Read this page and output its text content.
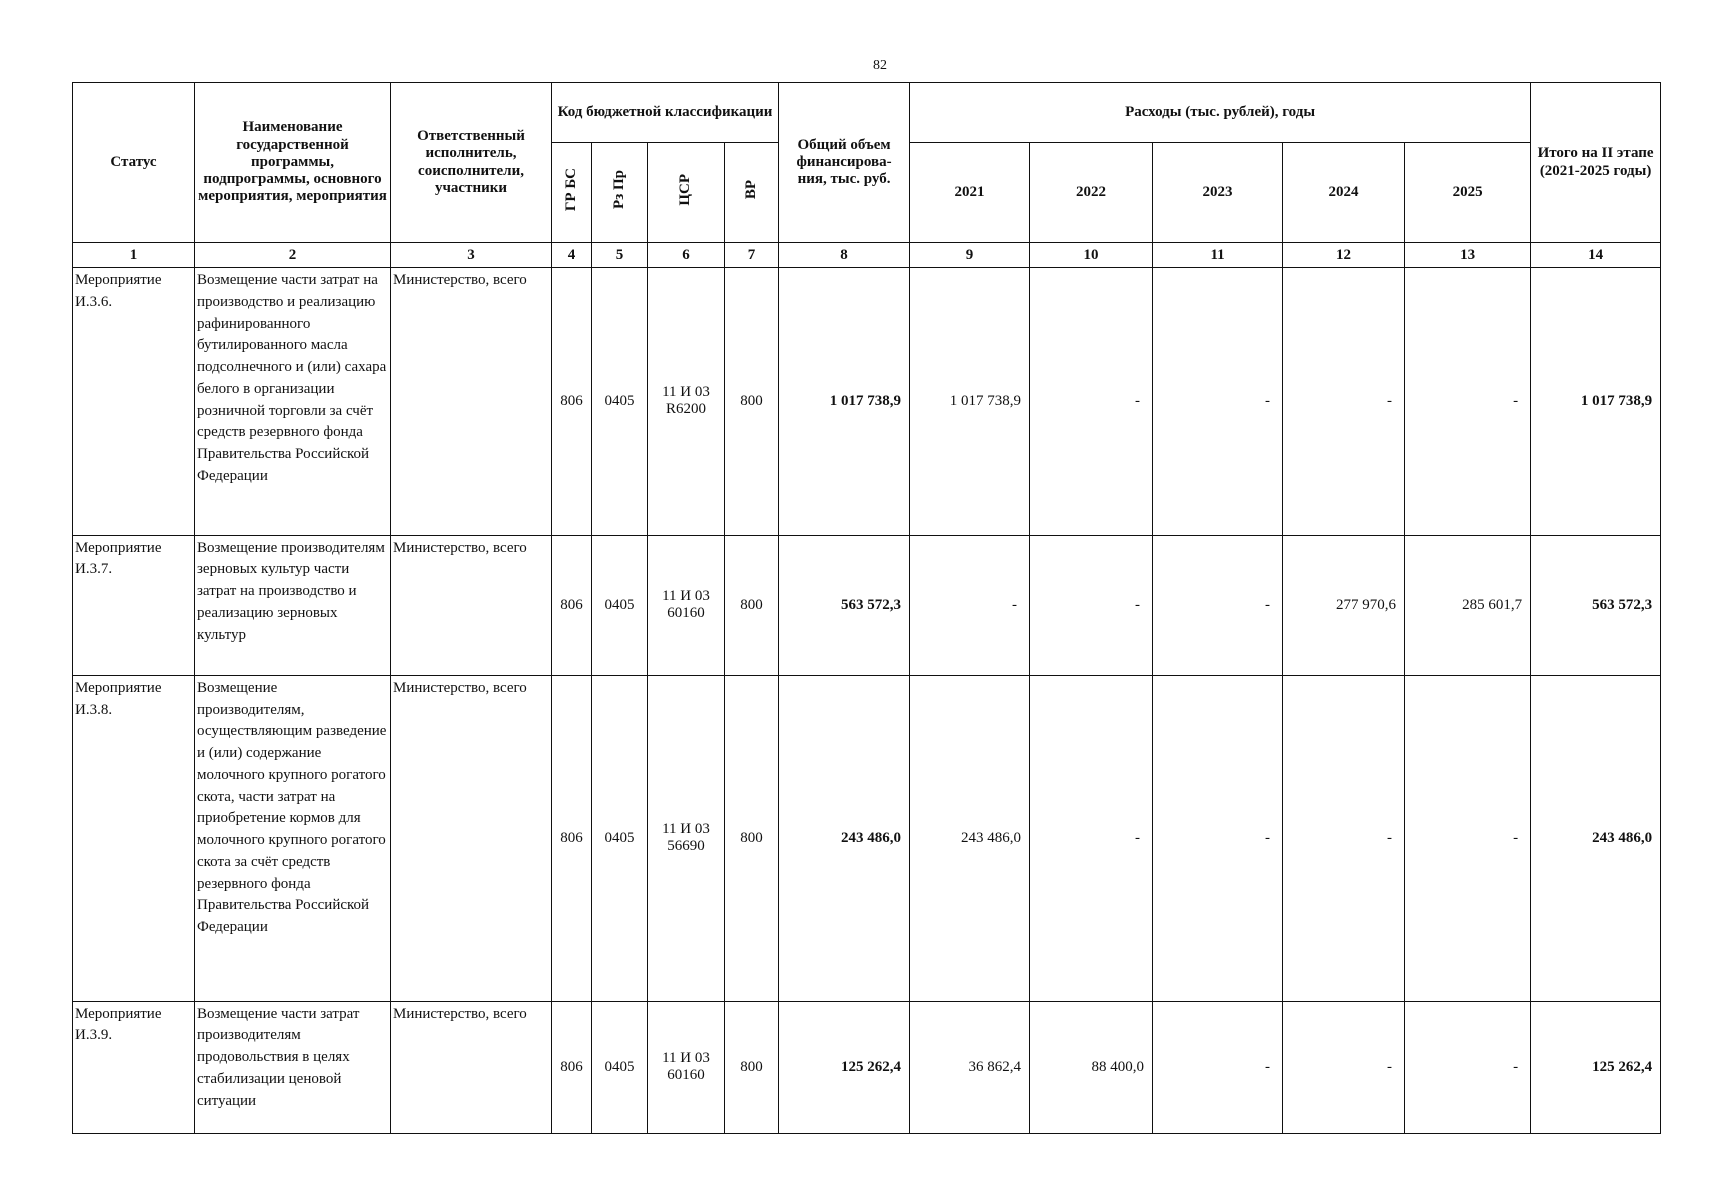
82
Статус	Наименование государственной программы, подпрограммы, основного мероприятия, мероприятия	Ответственный исполнитель, соисполнители, участники	Код бюджетной классификации				Общий объем финансирова-ния, тыс. руб.	Расходы (тыс. рублей), годы					Итого на II этапе (2021-2025 годы)
			ГР БС	Рз Пр	ЦСР	ВР		2021	2022	2023	2024	2025	
1	2	3	4	5	6	7	8	9	10	11	12	13	14
Мероприятие И.3.6.	Возмещение части затрат на производство и реализацию рафинированного бутилированного масла подсолнечного и (или) сахара белого в организации розничной торговли за счёт средств резервного фонда Правительства Российской Федерации	Министерство, всего	806	0405	11 И 03 R6200	800	1 017 738,9	1 017 738,9	-	-	-	-	1 017 738,9
Мероприятие И.3.7.	Возмещение производителям зерновых культур части затрат на производство и реализацию зерновых культур	Министерство, всего	806	0405	11 И 03 60160	800	563 572,3	-	-	-	277 970,6	285 601,7	563 572,3
Мероприятие И.3.8.	Возмещение производителям, осуществляющим разведение и (или) содержание молочного крупного рогатого скота, части затрат на приобретение кормов для молочного крупного рогатого скота за счёт средств резервного фонда Правительства Российской Федерации	Министерство, всего	806	0405	11 И 03 56690	800	243 486,0	243 486,0	-	-	-	-	243 486,0
Мероприятие И.3.9.	Возмещение части затрат производителям продовольствия в целях стабилизации ценовой ситуации	Министерство, всего	806	0405	11 И 03 60160	800	125 262,4	36 862,4	88 400,0	-	-	-	125 262,4
